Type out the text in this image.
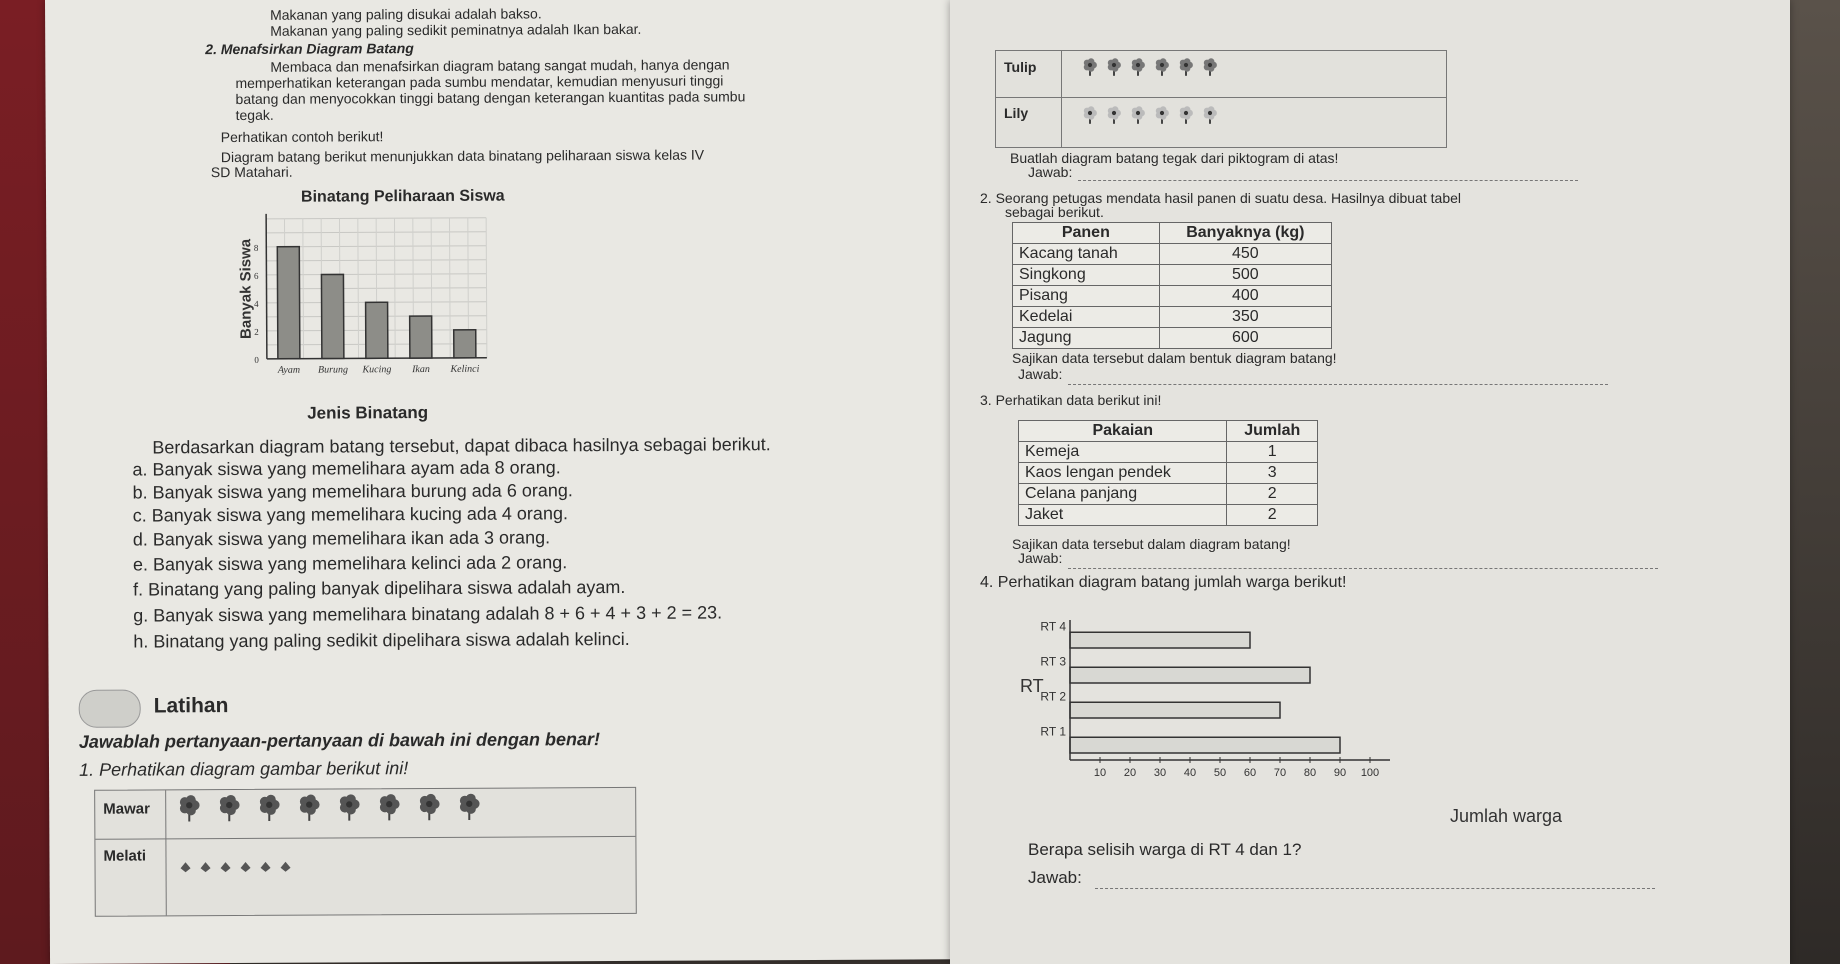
Makanan yang paling disukai adalah bakso.
Makanan yang paling sedikit peminatnya adalah Ikan bakar.
2. Menafsirkan Diagram Batang
Membaca dan menafsirkan diagram batang sangat mudah, hanya dengan
memperhatikan keterangan pada sumbu mendatar, kemudian menyusuri tinggi
batang dan menyocokkan tinggi batang dengan keterangan kuantitas pada sumbu
tegak.
Perhatikan contoh berikut!
Diagram batang berikut menunjukkan data binatang peliharaan siswa kelas IV
SD Matahari.
0
2
4
6
8
Ayam Burung Kucing Ikan Kelinci
Banyak Siswa
Binatang Peliharaan Siswa
Jenis Binatang
Berdasarkan diagram batang tersebut, dapat dibaca hasilnya sebagai berikut.
a. Banyak siswa yang memelihara ayam ada 8 orang.
b. Banyak siswa yang memelihara burung ada 6 orang.
c. Banyak siswa yang memelihara kucing ada 4 orang.
d. Banyak siswa yang memelihara ikan ada 3 orang.
e. Banyak siswa yang memelihara kelinci ada 2 orang.
f. Binatang yang paling banyak dipelihara siswa adalah ayam.
g. Banyak siswa yang memelihara binatang adalah 8 + 6 + 4 + 3 + 2 = 23.
h. Binatang yang paling sedikit dipelihara siswa adalah kelinci.
Latihan
Jawablah pertanyaan-pertanyaan di bawah ini dengan benar!
1. Perhatikan diagram gambar berikut ini!
Mawar
Melati
Tulip
Lily
Buatlah diagram batang tegak dari piktogram di atas!
Jawab:
2. Seorang petugas mendata hasil panen di suatu desa. Hasilnya dibuat tabel
sebagai berikut.
Panen	Banyaknya (kg)
Kacang tanah	450
Singkong	500
Pisang	400
Kedelai	350
Jagung	600
Sajikan data tersebut dalam bentuk diagram batang!
Jawab:
3. Perhatikan data berikut ini!
Pakaian	Jumlah
Kemeja	1
Kaos lengan pendek	3
Celana panjang	2
Jaket	2
Sajikan data tersebut dalam diagram batang!
Jawab:
4. Perhatikan diagram batang jumlah warga berikut!
RT
RT 4
RT 3
RT 2
RT 1
10 20 30 40 50 60 70 80 90 100
Jumlah warga
Berapa selisih warga di RT 4 dan 1?
Jawab:
